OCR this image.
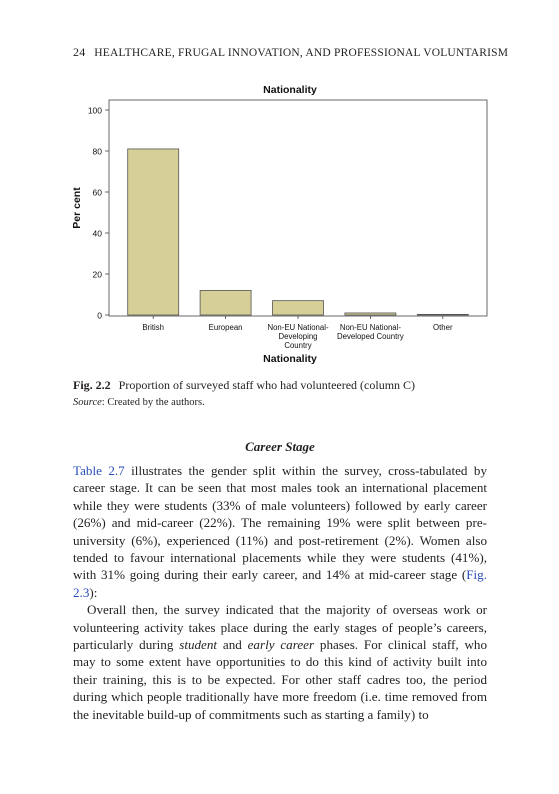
24 HEALTHCARE, FRUGAL INNOVATION, AND PROFESSIONAL VOLUNTARISM
Nationality
0
20
40
60
80
100
British	European	Non-EU National-
Developing
Country
Non-EU National-
Developed Country
Other
Per cent
Nationality
Fig. 2.2 Proportion of surveyed staff who had volunteered (column C)
Source: Created by the authors.
Career Stage

Table 2.7 illustrates the gender split within the survey, cross-tabulated by career stage. It can be seen that most males took an international placement while they were students (33% of male volunteers) followed by early career (26%) and mid-career (22%). The remaining 19% were split between pre-university (6%), experienced (11%) and post-retirement (2%). Women also tended to favour international placements while they were students (41%), with 31% going during their early career, and 14% at mid-career stage (Fig. 2.3):

Overall then, the survey indicated that the majority of overseas work or volunteering activity takes place during the early stages of people’s careers, particularly during student and early career phases. For clinical staff, who may to some extent have opportunities to do this kind of activity built into their training, this is to be expected. For other staff cadres too, the period during which people traditionally have more freedom (i.e. time removed from the inevitable build-up of commitments such as starting a family) to
